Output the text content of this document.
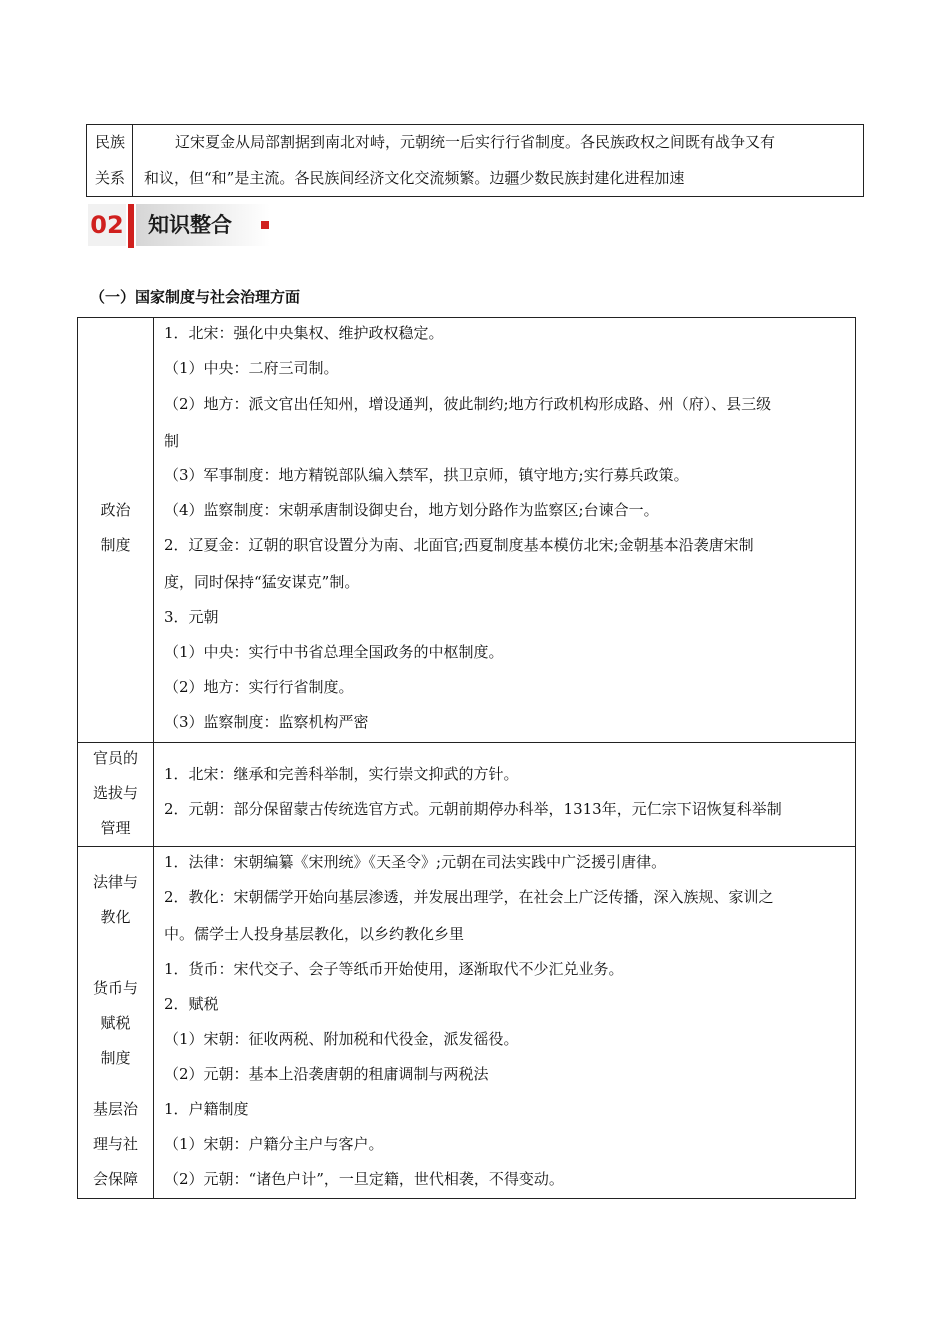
民族
关系
辽宋夏金从局部割据到南北对峙，元朝统一后实行行省制度。各民族政权之间既有战争又有
和议，但“和”是主流。各民族间经济文化交流频繁。边疆少数民族封建化进程加速
02	知识整合
（一）国家制度与社会治理方面
政治
制度
1．北宋：强化中央集权、维护政权稳定。
（1）中央：二府三司制。
（2）地方：派文官出任知州，增设通判，彼此制约;地方行政机构形成路、州（府）、县三级
制
（3）军事制度：地方精锐部队编入禁军，拱卫京师，镇守地方;实行募兵政策。
（4）监察制度：宋朝承唐制设御史台，地方划分路作为监察区;台谏合一。
2．辽夏金：辽朝的职官设置分为南、北面官;西夏制度基本模仿北宋;金朝基本沿袭唐宋制
度，同时保持“猛安谋克”制。
3．元朝
（1）中央：实行中书省总理全国政务的中枢制度。
（2）地方：实行行省制度。
（3）监察制度：监察机构严密
官员的
选拔与
管理
1．北宋：继承和完善科举制，实行崇文抑武的方针。
2．元朝：部分保留蒙古传统选官方式。元朝前期停办科举，1313年，元仁宗下诏恢复科举制
法律与
教化
1．法律：宋朝编纂《宋刑统》《天圣令》;元朝在司法实践中广泛援引唐律。
2．教化：宋朝儒学开始向基层渗透，并发展出理学，在社会上广泛传播，深入族规、家训之
中。儒学士人投身基层教化，以乡约教化乡里
货币与
赋税
制度
1．货币：宋代交子、会子等纸币开始使用，逐渐取代不少汇兑业务。
2．赋税
（1）宋朝：征收两税、附加税和代役金，派发徭役。
（2）元朝：基本上沿袭唐朝的租庸调制与两税法
基层治
理与社
会保障
1．户籍制度
（1）宋朝：户籍分主户与客户。
（2）元朝：“诸色户计”，一旦定籍，世代相袭，不得变动。
